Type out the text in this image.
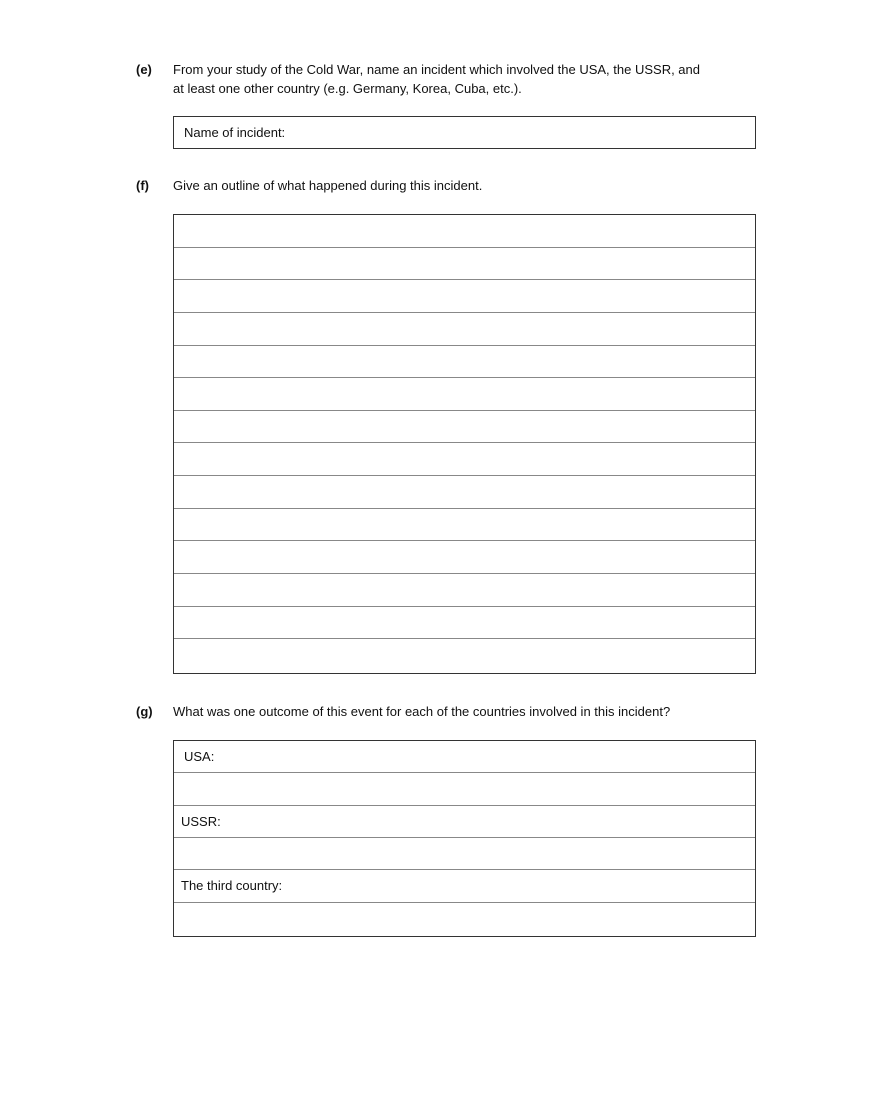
(e) From your study of the Cold War, name an incident which involved the USA, the USSR, and
at least one other country (e.g. Germany, Korea, Cuba, etc.).
Name of incident:
(f) Give an outline of what happened during this incident.
(g) What was one outcome of this event for each of the countries involved in this incident?
USA:
USSR:
The third country:
